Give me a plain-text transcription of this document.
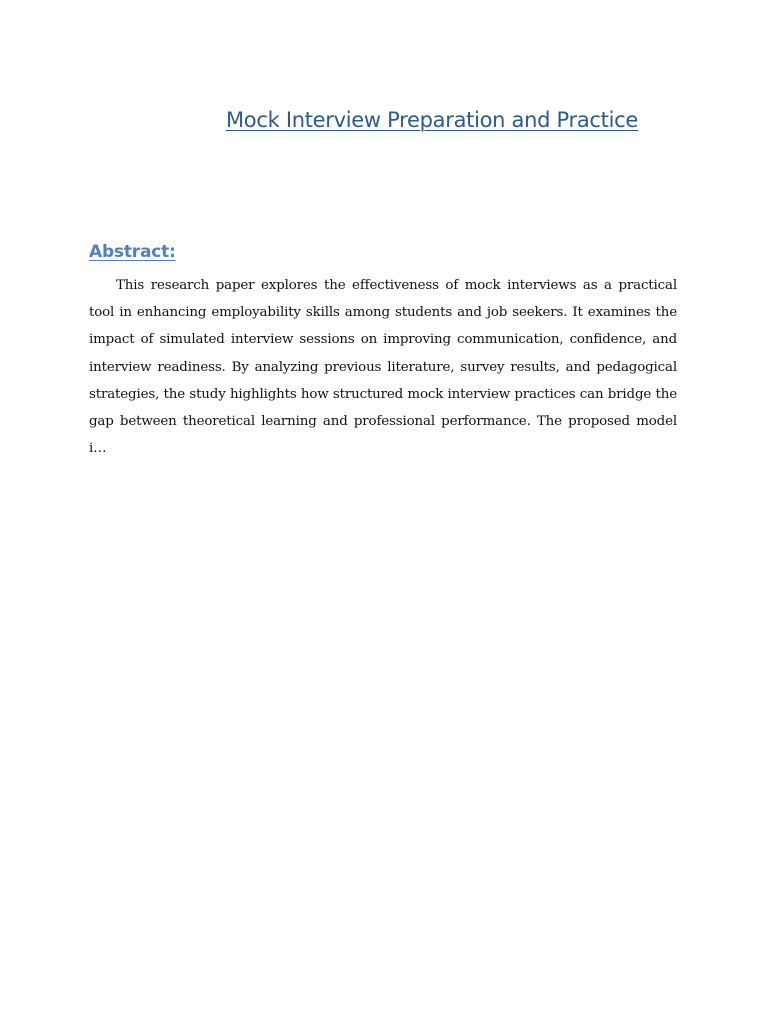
Mock Interview Preparation and Practice
Abstract:

This research paper explores the effectiveness of mock interviews as a practical tool in enhancing employability skills among students and job seekers. It examines the impact of simulated interview sessions on improving communication, confidence, and interview readiness. By analyzing previous literature, survey results, and pedagogical strategies, the study highlights how structured mock interview practices can bridge the gap between theoretical learning and professional performance. The proposed model i…
